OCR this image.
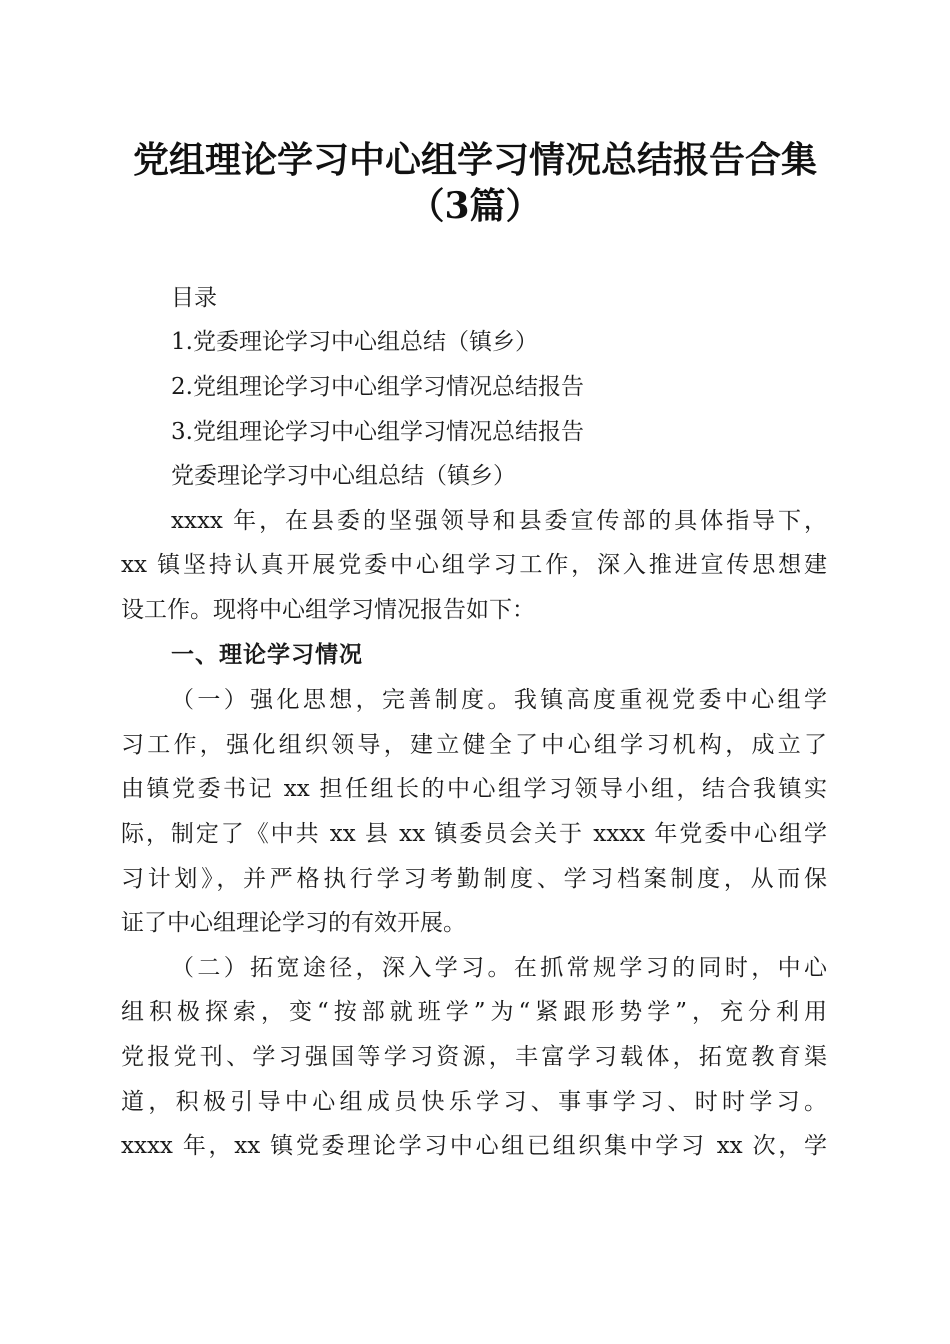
党组理论学习中心组学习情况总结报告合集
（3篇）
目录
1.党委理论学习中心组总结（镇乡）
2.党组理论学习中心组学习情况总结报告
3.党组理论学习中心组学习情况总结报告
党委理论学习中心组总结（镇乡）
xxxx 年，在县委的坚强领导和县委宣传部的具体指导下，
xx 镇坚持认真开展党委中心组学习工作，深入推进宣传思想建
设工作。现将中心组学习情况报告如下：
一、理论学习情况
（一）强化思想，完善制度。我镇高度重视党委中心组学
习工作，强化组织领导，建立健全了中心组学习机构，成立了
由镇党委书记 xx 担任组长的中心组学习领导小组，结合我镇实
际，制定了《中共 xx 县 xx 镇委员会关于 xxxx 年党委中心组学
习计划》，并严格执行学习考勤制度、学习档案制度，从而保
证了中心组理论学习的有效开展。
（二）拓宽途径，深入学习。在抓常规学习的同时，中心
组积极探索，变“按部就班学”为“紧跟形势学”，充分利用
党报党刊、学习强国等学习资源，丰富学习载体，拓宽教育渠
道，积极引导中心组成员快乐学习、事事学习、时时学习。
xxxx 年，xx 镇党委理论学习中心组已组织集中学习 xx 次，学
